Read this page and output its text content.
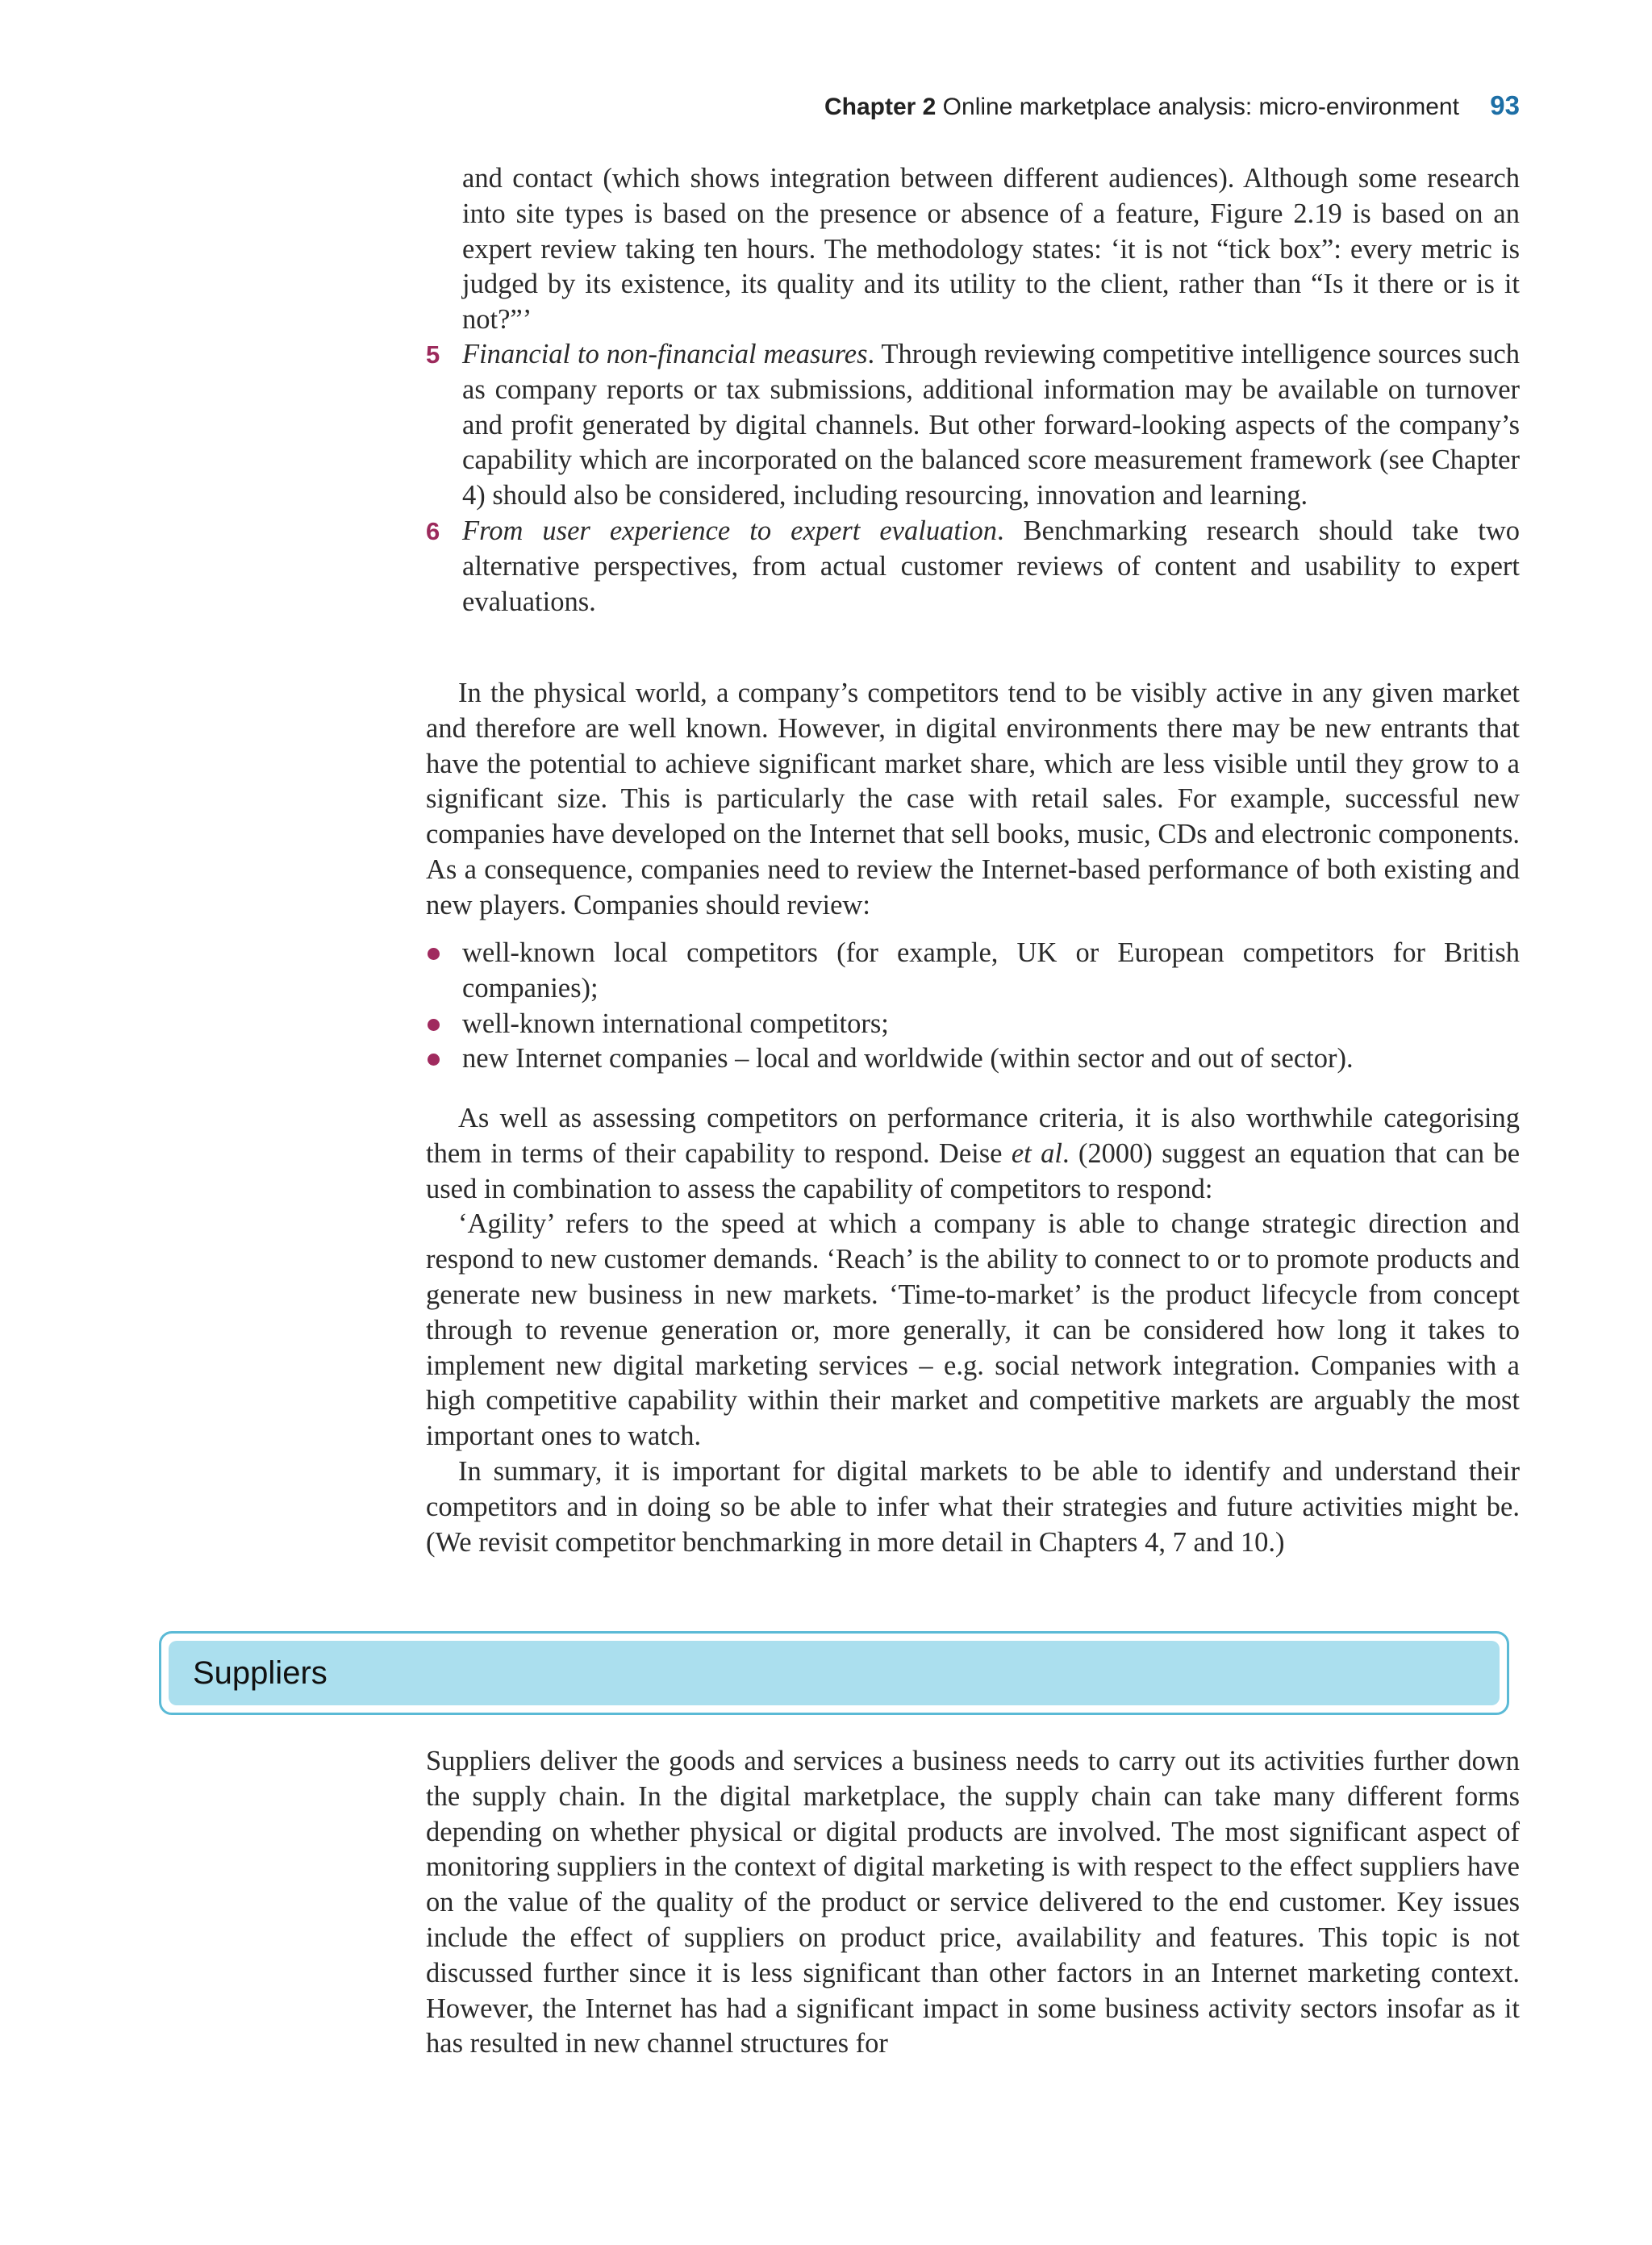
Chapter 2 Online marketplace analysis: micro-environment 93

and contact (which shows integration between different audiences). Although some research into site types is based on the presence or absence of a feature, Figure 2.19 is based on an expert review taking ten hours. The methodology states: ‘it is not “tick box”: every metric is judged by its existence, its quality and its utility to the client, rather than “Is it there or is it not?”’

5 Financial to non-financial measures. Through reviewing competitive intelligence sources such as company reports or tax submissions, additional information may be available on turnover and profit generated by digital channels. But other forward-looking aspects of the company’s capability which are incorporated on the balanced score measurement framework (see Chapter 4) should also be considered, including resourcing, innovation and learning.
6 From user experience to expert evaluation. Benchmarking research should take two alternative perspectives, from actual customer reviews of content and usability to expert evaluations.

In the physical world, a company’s competitors tend to be visibly active in any given market and therefore are well known. However, in digital environments there may be new entrants that have the potential to achieve significant market share, which are less visible until they grow to a significant size. This is particularly the case with retail sales. For example, successful new companies have developed on the Internet that sell books, music, CDs and electronic components. As a consequence, companies need to review the Internet-based performance of both existing and new players. Companies should review:

well-known local competitors (for example, UK or European competitors for British companies);
well-known international competitors;
new Internet companies – local and worldwide (within sector and out of sector).

As well as assessing competitors on performance criteria, it is also worthwhile categorising them in terms of their capability to respond. Deise et al. (2000) suggest an equation that can be used in combination to assess the capability of competitors to respond:

‘Agility’ refers to the speed at which a company is able to change strategic direction and respond to new customer demands. ‘Reach’ is the ability to connect to or to promote products and generate new business in new markets. ‘Time-to-market’ is the product lifecycle from concept through to revenue generation or, more generally, it can be considered how long it takes to implement new digital marketing services – e.g. social network integration. Companies with a high competitive capability within their market and competitive markets are arguably the most important ones to watch.

In summary, it is important for digital markets to be able to identify and understand their competitors and in doing so be able to infer what their strategies and future activities might be. (We revisit competitor benchmarking in more detail in Chapters 4, 7 and 10.)

Suppliers

Suppliers deliver the goods and services a business needs to carry out its activities further down the supply chain. In the digital marketplace, the supply chain can take many different forms depending on whether physical or digital products are involved. The most significant aspect of monitoring suppliers in the context of digital marketing is with respect to the effect suppliers have on the value of the quality of the product or service delivered to the end customer. Key issues include the effect of suppliers on product price, availability and features. This topic is not discussed further since it is less significant than other factors in an Internet marketing context. However, the Internet has had a significant impact in some business activity sectors insofar as it has resulted in new channel structures for
